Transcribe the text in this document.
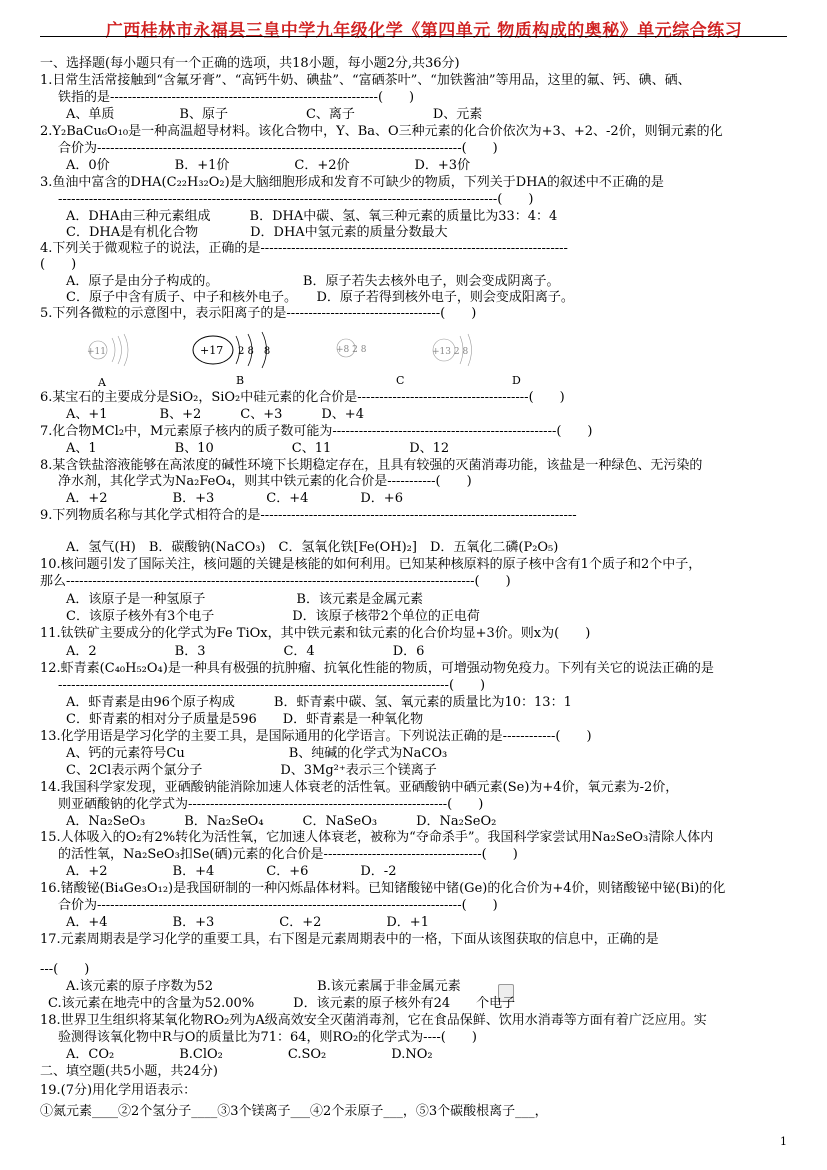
广西桂林市永福县三皇中学九年级化学《第四单元 物质构成的奥秘》单元综合练习
一、选择题(每小题只有一个正确的选项，共18小题，每小题2分,共36分)
1.日常生活常接触到“含氟牙膏”、“高钙牛奶、碘盐”、“富硒茶叶”、“加铁酱油”等用品，这里的氟、钙、碘、硒、
铁指的是-------------------------------------------------------------(　　)
A、单质　　　　　B、原子　　　　　　C、离子　　　　　　D、元素
2.Y₂BaCu₆O₁₀是一种高温超导材料。该化合物中，Y、Ba、O三种元素的化合价依次为+3、+2、-2价，则铜元素的化
合价为-----------------------------------------------------------------------------------(　　)
A．0价　　　　　B．+1价　　　　　C．+2价　　　　　D．+3价
3.鱼油中富含的DHA(C₂₂H₃₂O₂)是大脑细胞形成和发育不可缺少的物质，下列关于DHA的叙述中不正确的是
----------------------------------------------------------------------------------------------------(　　)
A．DHA由三种元素组成　　　B．DHA中碳、氢、氧三种元素的质量比为33：4：4
C．DHA是有机化合物　　　　D．DHA中氢元素的质量分数最大
4.下列关于微观粒子的说法，正确的是----------------------------------------------------------------------
(　　)
A．原子是由分子构成的。　　　　　　　B．原子若失去核外电子，则会变成阴离子。
C．原子中含有质子、中子和核外电子。　　D．原子若得到核外电子，则会变成阳离子。
5.下列各微粒的示意图中，表示阳离子的是-----------------------------------(　　)
+11	+17 2 8　8	+8 2 8	+13 2 8
A	B	C	D
6.某宝石的主要成分是SiO₂，SiO₂中硅元素的化合价是---------------------------------------(　　)
A、+1　　　　B、+2　　　C、+3　　　D、+4
7.化合物MCl₂中，M元素原子核内的质子数可能为---------------------------------------------------(　　)
A、1　　　　　　B、10　　　　　　C、11　　　　　　D、12
8.某含铁盐溶液能够在高浓度的碱性环境下长期稳定存在，且具有较强的灭菌消毒功能，该盐是一种绿色、无污染的
净水剂，其化学式为Na₂FeO₄，则其中铁元素的化合价是-----------(　　)
A．+2　　　　　B．+3　　　　C．+4　　　　D．+6
9.下列物质名称与其化学式相符合的是------------------------------------------------------------------------
A．氢气(H)　B．碳酸钠(NaCO₃)　C．氢氧化铁[Fe(OH)₂]　D．五氧化二磷(P₂O₅)
10.核问题引发了国际关注，核问题的关键是核能的如何利用。已知某种核原料的原子核中含有1个质子和2个中子，
那么---------------------------------------------------------------------------------------------(　　)
A．该原子是一种氢原子　　　　　　　B．该元素是金属元素
C．该原子核外有3个电子　　　　　　D．该原子核带2个单位的正电荷
11.钛铁矿主要成分的化学式为Fe TiOx，其中铁元素和钛元素的化合价均显+3价。则x为(　　)
A．2　　　　　　B．3　　　　　　C．4　　　　　　D．6
12.虾青素(C₄₀H₅₂O₄)是一种具有极强的抗肿瘤、抗氧化性能的物质，可增强动物免疫力。下列有关它的说法正确的是
-----------------------------------------------------------------------------------------(　　)
A．虾青素是由96个原子构成　　　B．虾青素中碳、氢、氧元素的质量比为10：13：1
C．虾青素的相对分子质量是596　　D．虾青素是一种氧化物
13.化学用语是学习化学的主要工具，是国际通用的化学语言。下列说法正确的是------------(　　)
A、钙的元素符号Cu　　　　　　　　B、纯碱的化学式为NaCO₃
C、2Cl表示两个氯分子　　　　　　D、3Mg²⁺表示三个镁离子
14.我国科学家发现，亚硒酸钠能消除加速人体衰老的活性氧。亚硒酸钠中硒元素(Se)为+4价，氧元素为-2价，
则亚硒酸钠的化学式为-----------------------------------------------------------(　　)
A．Na₂SeO₃　　　B．Na₂SeO₄　　　C．NaSeO₃　　　D．Na₂SeO₂
15.人体吸入的O₂有2%转化为活性氧，它加速人体衰老，被称为“夺命杀手”。我国科学家尝试用Na₂SeO₃清除人体内
的活性氧，Na₂SeO₃扣Se(硒)元素的化合价是------------------------------------(　　)
A．+2　　　　　B．+4　　　　C．+6　　　　D．-2
16.锗酸铋(Bi₄Ge₃O₁₂)是我国研制的一种闪烁晶体材料。已知锗酸铋中锗(Ge)的化合价为+4价，则锗酸铋中铋(Bi)的化
合价为-----------------------------------------------------------------------------------(　　)
A．+4　　　　　B．+3　　　　　C．+2　　　　　D．+1
17.元素周期表是学习化学的重要工具，右下图是元素周期表中的一格，下面从该图获取的信息中，正确的是
---(　　)
A.该元素的原子序数为52　　　　　　　　B.该元素属于非金属元素
C.该元素在地壳中的含量为52.00%　　　D．该元素的原子核外有24　　个电子
18.世界卫生组织将某氧化物RO₂列为A级高效安全灭菌消毒剂，它在食品保鲜、饮用水消毒等方面有着广泛应用。实
验测得该氧化物中R与O的质量比为71：64，则RO₂的化学式为----(　　)
A．CO₂　　　　　B.ClO₂　　　　　C.SO₂　　　　　D.NO₂
二、填空题(共5小题，共24分)
19.(7分)用化学用语表示：
①氮元素____②2个氢分子____③3个镁离子___④2个汞原子___，⑤3个碳酸根离子___，
1
